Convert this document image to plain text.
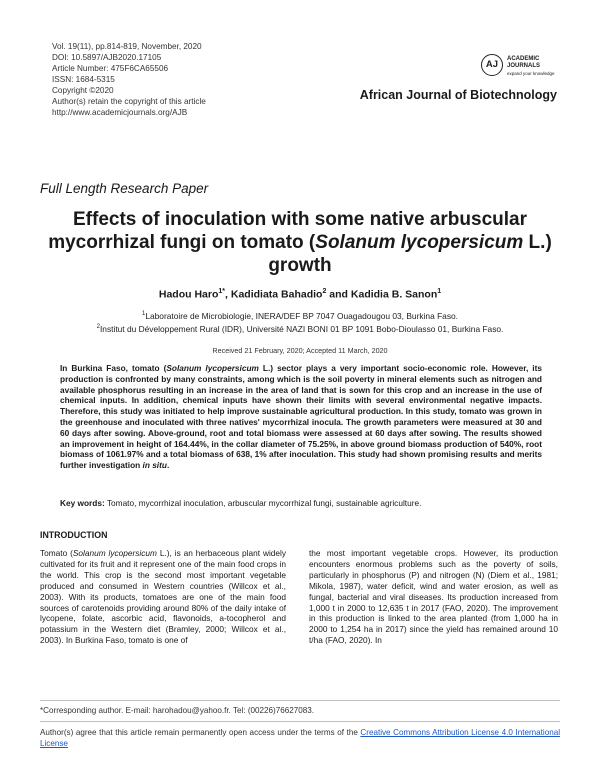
Vol. 19(11), pp.814-819, November, 2020
DOI: 10.5897/AJB2020.17105
Article Number: 475F6CA65506
ISSN: 1684-5315
Copyright ©2020
Author(s) retain the copyright of this article
http://www.academicjournals.org/AJB
AJ	ACADEMIC
JOURNALS
expand your knowledge
African Journal of Biotechnology
Full Length Research Paper
Effects of inoculation with some native arbuscular mycorrhizal fungi on tomato (Solanum lycopersicum L.) growth
Hadou Haro$^{1*}$, Kadidiata Bahadio$^2$ and Kadidia B. Sanon$^1$
$^1$Laboratoire de Microbiologie, INERA/DEF BP 7047 Ouagadougou 03, Burkina Faso.
$^2$Institut du Développement Rural (IDR), Université NAZI BONI 01 BP 1091 Bobo-Dioulasso 01, Burkina Faso.
Received 21 February, 2020; Accepted 11 March, 2020
In Burkina Faso, tomato (Solanum lycopersicum L.) sector plays a very important socio-economic role. However, its production is confronted by many constraints, among which is the soil poverty in mineral elements such as nitrogen and available phosphorus resulting in an increase in the area of land that is sown for this crop and an increase in the use of chemical inputs. In addition, chemical inputs have shown their limits with several environmental negative impacts. Therefore, this study was initiated to help improve sustainable agricultural production. In this study, tomato was grown in the greenhouse and inoculated with three natives' mycorrhizal inocula. The growth parameters were measured at 30 and 60 days after sowing. Above-ground, root and total biomass were assessed at 60 days after sowing. The results showed an improvement in height of 164.44%, in the collar diameter of 75.25%, in above ground biomass production of 540%, root biomass of 1061.97% and a total biomass of 638, 1% after inoculation. This study had shown promising results and merits further investigation in situ.
Key words: Tomato, mycorrhizal inoculation, arbuscular mycorrhizal fungi, sustainable agriculture.
INTRODUCTION
Tomato (Solanum lycopersicum L.), is an herbaceous plant widely cultivated for its fruit and it represent one of the main food crops in the world. This crop is the second most important vegetable produced and consumed in Western countries (Willcox et al., 2003). With its products, tomatoes are one of the main food sources of carotenoids providing around 80% of the daily intake of lycopene, folate, ascorbic acid, flavonoids, a-tocopherol and potassium in the Western diet (Bramley, 2000; Willcox et al., 2003). In Burkina Faso, tomato is one of
the most important vegetable crops. However, its production encounters enormous problems such as the poverty of soils, particularly in phosphorus (P) and nitrogen (N) (Diem et al., 1981; Mikola, 1987), water deficit, wind and water erosion, as well as fungal, bacterial and viral diseases. Its production increased from 1,000 t in 2000 to 12,635 t in 2017 (FAO, 2020). The improvement in this production is linked to the area planted (from 1,000 ha in 2000 to 1,254 ha in 2017) since the yield has remained around 10 t/ha (FAO, 2020). In
*Corresponding author. E-mail: harohadou@yahoo.fr. Tel: (00226)76627083.
Author(s) agree that this article remain permanently open access under the terms of the Creative Commons Attribution License 4.0 International License
